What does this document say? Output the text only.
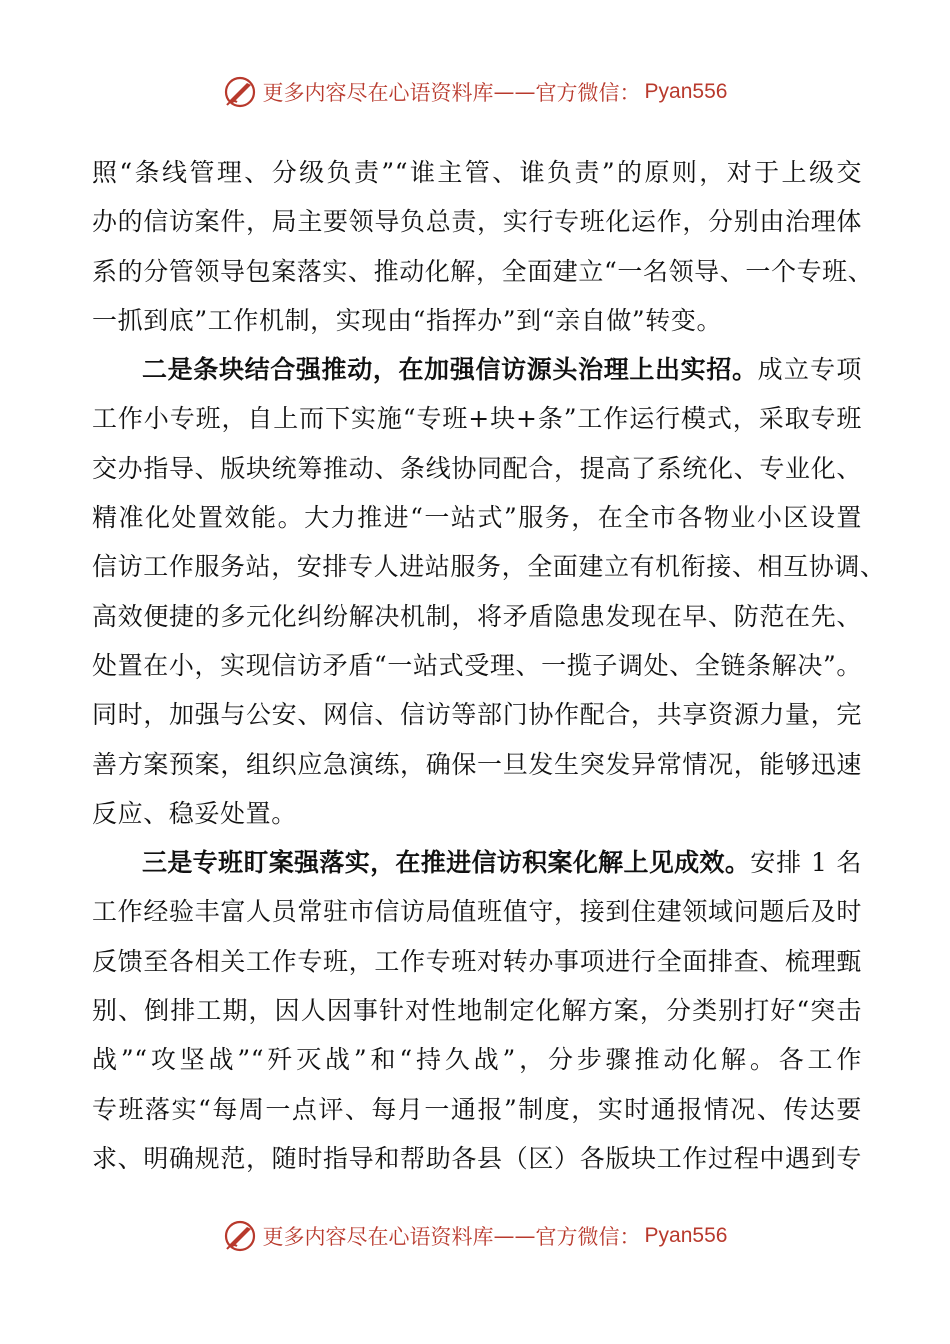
更多内容尽在心语资料库 —— 官方微信： Pyan556
照“条线管理、分级负责”“谁主管、谁负责”的原则，对于上级交
办的信访案件，局主要领导负总责，实行专班化运作，分别由治理体
系的分管领导包案落实、推动化解，全面建立“一名领导、一个专班、
一抓到底”工作机制，实现由“指挥办”到“亲自做”转变。
二是条块结合强推动，在加强信访源头治理上出实招。成立专项
工作小专班，自上而下实施“专班+块+条”工作运行模式，采取专班
交办指导、版块统筹推动、条线协同配合，提高了系统化、专业化、
精准化处置效能。大力推进“一站式”服务，在全市各物业小区设置
信访工作服务站，安排专人进站服务，全面建立有机衔接、相互协调、
高效便捷的多元化纠纷解决机制，将矛盾隐患发现在早、防范在先、
处置在小，实现信访矛盾“一站式受理、一揽子调处、全链条解决”。
同时，加强与公安、网信、信访等部门协作配合，共享资源力量，完
善方案预案，组织应急演练，确保一旦发生突发异常情况，能够迅速
反应、稳妥处置。
三是专班盯案强落实，在推进信访积案化解上见成效。安排 1 名
工作经验丰富人员常驻市信访局值班值守，接到住建领域问题后及时
反馈至各相关工作专班，工作专班对转办事项进行全面排查、梳理甄
别、倒排工期，因人因事针对性地制定化解方案，分类别打好“突击
战”“攻坚战”“歼灭战”和“持久战”，分步骤推动化解。各工作
专班落实“每周一点评、每月一通报”制度，实时通报情况、传达要
求、明确规范，随时指导和帮助各县（区）各版块工作过程中遇到专
更多内容尽在心语资料库 —— 官方微信： Pyan556
